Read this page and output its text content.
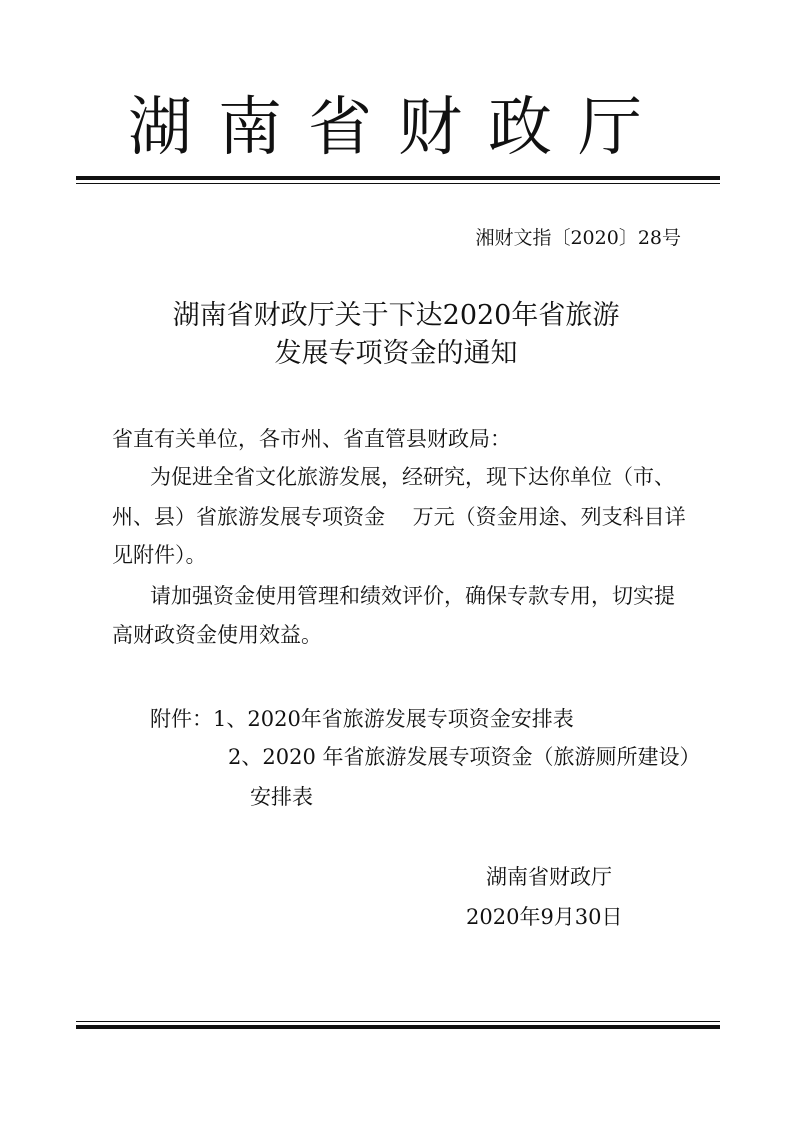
湖南省财政厅
湘财文指〔2020〕28号
湖南省财政厅关于下达2020年省旅游
发展专项资金的通知
省直有关单位，各市州、省直管县财政局：
为促进全省文化旅游发展，经研究，现下达你单位（市、
州、县）省旅游发展专项资金　 万元（资金用途、列支科目详
见附件）。
请加强资金使用管理和绩效评价，确保专款专用，切实提
高财政资金使用效益。
附件：1、2020年省旅游发展专项资金安排表
2、2020 年省旅游发展专项资金（旅游厕所建设）
安排表
湖南省财政厅
2020年9月30日
